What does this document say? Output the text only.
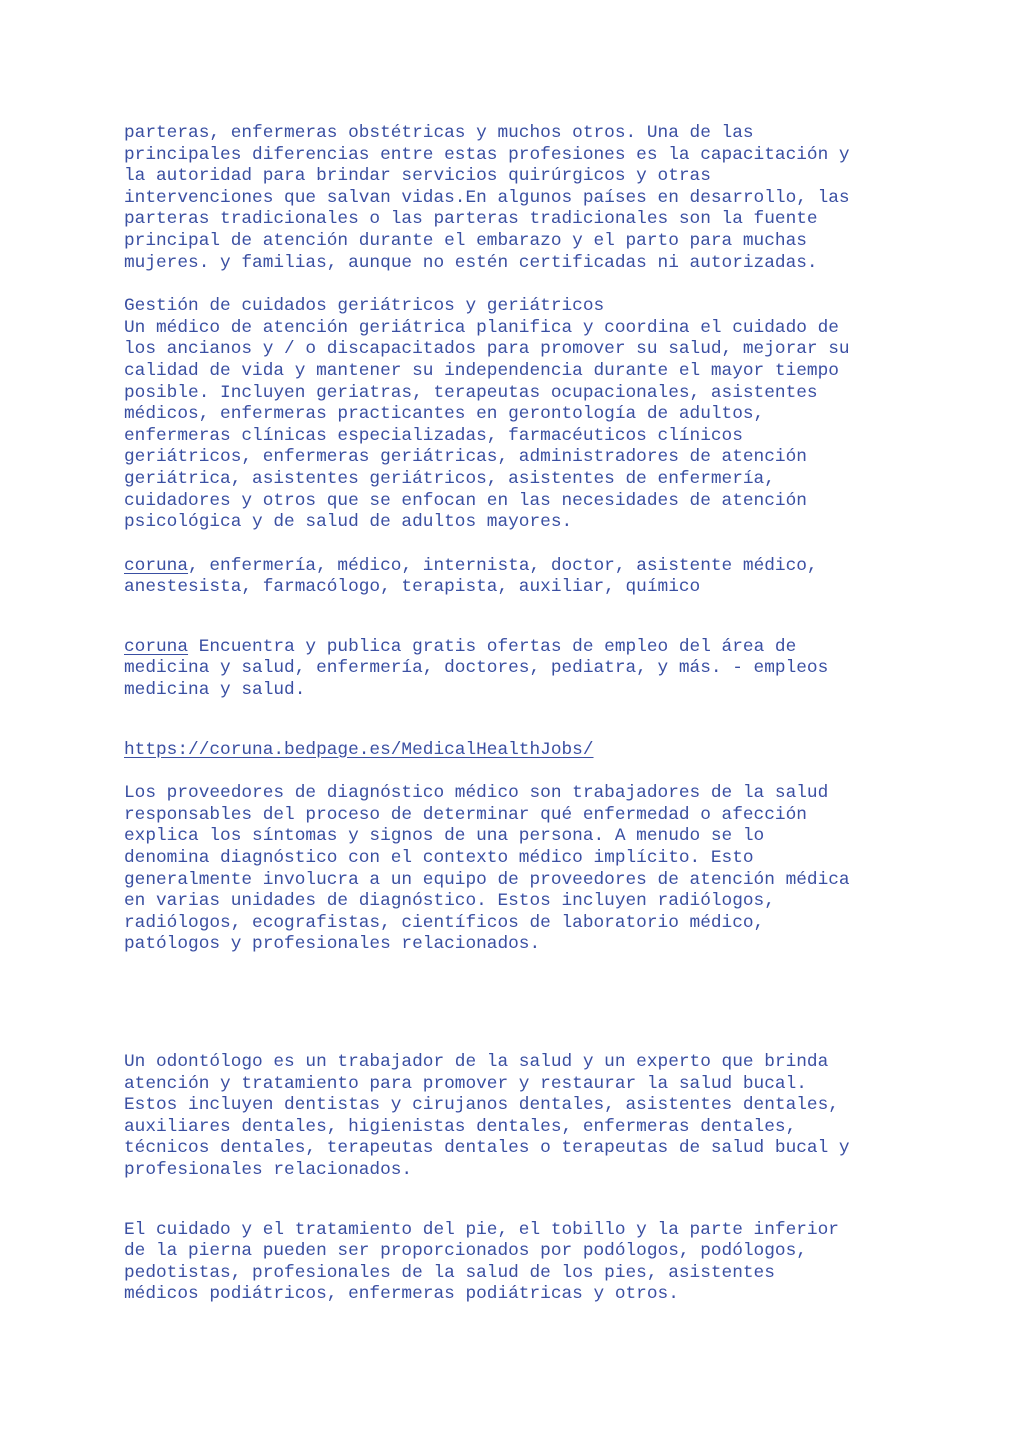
parteras, enfermeras obstétricas y muchos otros. Una de las
principales diferencias entre estas profesiones es la capacitación y
la autoridad para brindar servicios quirúrgicos y otras
intervenciones que salvan vidas.En algunos países en desarrollo, las
parteras tradicionales o las parteras tradicionales son la fuente
principal de atención durante el embarazo y el parto para muchas
mujeres. y familias, aunque no estén certificadas ni autorizadas.

Gestión de cuidados geriátricos y geriátricos

Un médico de atención geriátrica planifica y coordina el cuidado de
los ancianos y / o discapacitados para promover su salud, mejorar su
calidad de vida y mantener su independencia durante el mayor tiempo
posible. Incluyen geriatras, terapeutas ocupacionales, asistentes
médicos, enfermeras practicantes en gerontología de adultos,
enfermeras clínicas especializadas, farmacéuticos clínicos
geriátricos, enfermeras geriátricas, administradores de atención
geriátrica, asistentes geriátricos, asistentes de enfermería,
cuidadores y otros que se enfocan en las necesidades de atención
psicológica y de salud de adultos mayores.

coruna, enfermería, médico, internista, doctor, asistente médico,
anestesista, farmacólogo, terapista, auxiliar, químico

coruna Encuentra y publica gratis ofertas de empleo del área de
medicina y salud, enfermería, doctores, pediatra, y más. - empleos
medicina y salud.

https://coruna.bedpage.es/MedicalHealthJobs/

Los proveedores de diagnóstico médico son trabajadores de la salud
responsables del proceso de determinar qué enfermedad o afección
explica los síntomas y signos de una persona. A menudo se lo
denomina diagnóstico con el contexto médico implícito. Esto
generalmente involucra a un equipo de proveedores de atención médica
en varias unidades de diagnóstico. Estos incluyen radiólogos,
radiólogos, ecografistas, científicos de laboratorio médico,
patólogos y profesionales relacionados.

Un odontólogo es un trabajador de la salud y un experto que brinda
atención y tratamiento para promover y restaurar la salud bucal.
Estos incluyen dentistas y cirujanos dentales, asistentes dentales,
auxiliares dentales, higienistas dentales, enfermeras dentales,
técnicos dentales, terapeutas dentales o terapeutas de salud bucal y
profesionales relacionados.

El cuidado y el tratamiento del pie, el tobillo y la parte inferior
de la pierna pueden ser proporcionados por podólogos, podólogos,
pedotistas, profesionales de la salud de los pies, asistentes
médicos podiátricos, enfermeras podiátricas y otros.
